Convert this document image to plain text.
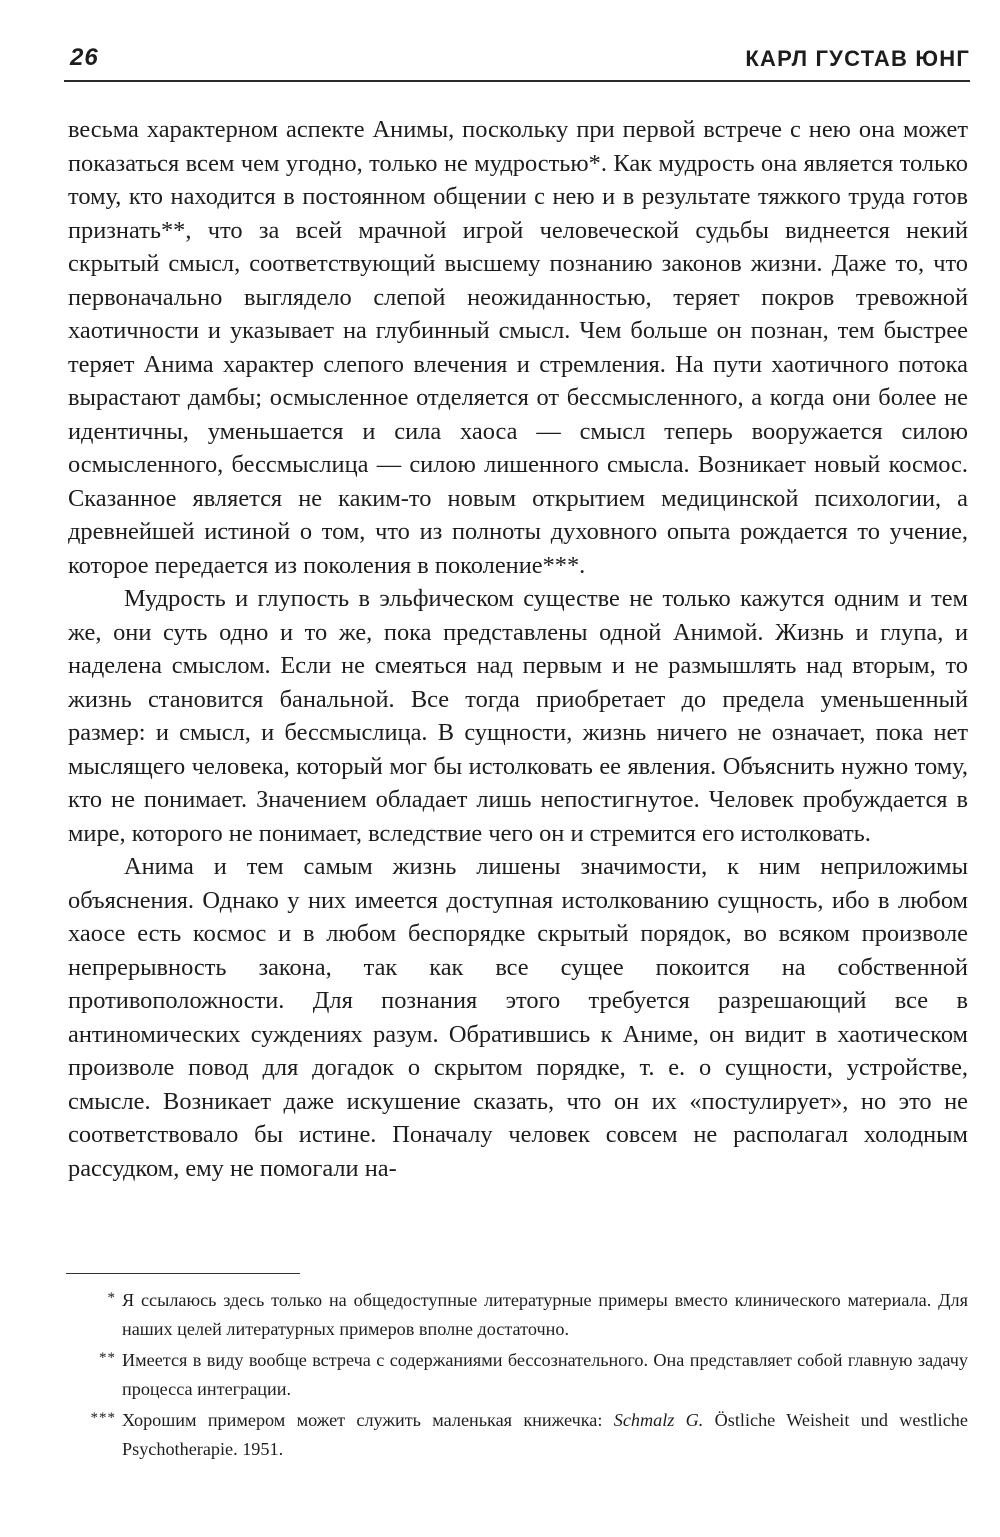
26	КАРЛ ГУСТАВ ЮНГ

весьма характерном аспекте Анимы, поскольку при первой встрече с нею она может показаться всем чем угодно, только не мудростью*. Как мудрость она является только тому, кто находится в постоянном общении с нею и в результате тяжкого труда готов признать**, что за всей мрачной игрой человеческой судьбы виднеется некий скрытый смысл, соответствующий высшему познанию законов жизни. Даже то, что первоначально выглядело слепой неожиданностью, теряет покров тревожной хаотичности и указывает на глубинный смысл. Чем больше он познан, тем быстрее теряет Анима характер слепого влечения и стремления. На пути хаотичного потока вырастают дамбы; осмысленное отделяется от бессмысленного, а когда они более не идентичны, уменьшается и сила хаоса — смысл теперь вооружается силою осмысленного, бессмыслица — силою лишенного смысла. Возникает новый космос. Сказанное является не каким-то новым открытием медицинской психологии, а древнейшей истиной о том, что из полноты духовного опыта рождается то учение, которое передается из поколения в поколение***.

Мудрость и глупость в эльфическом существе не только кажутся одним и тем же, они суть одно и то же, пока представлены одной Анимой. Жизнь и глупа, и наделена смыслом. Если не смеяться над первым и не размышлять над вторым, то жизнь становится банальной. Все тогда приобретает до предела уменьшенный размер: и смысл, и бессмыслица. В сущности, жизнь ничего не означает, пока нет мыслящего человека, который мог бы истолковать ее явления. Объяснить нужно тому, кто не понимает. Значением обладает лишь непостигнутое. Человек пробуждается в мире, которого не понимает, вследствие чего он и стремится его истолковать.

Анима и тем самым жизнь лишены значимости, к ним неприложимы объяснения. Однако у них имеется доступная истолкованию сущность, ибо в любом хаосе есть космос и в любом беспорядке скрытый порядок, во всяком произволе непрерывность закона, так как все сущее покоится на собственной противоположности. Для познания этого требуется разрешающий все в антиномических суждениях разум. Обратившись к Аниме, он видит в хаотическом произволе повод для догадок о скрытом порядке, т. е. о сущности, устройстве, смысле. Возникает даже искушение сказать, что он их «постулирует», но это не соответствовало бы истине. Поначалу человек совсем не располагал холодным рассудком, ему не помогали на-

* Я ссылаюсь здесь только на общедоступные литературные примеры вместо клинического материала. Для наших целей литературных примеров вполне достаточно.
** Имеется в виду вообще встреча с содержаниями бессознательного. Она представляет собой главную задачу процесса интеграции.
*** Хорошим примером может служить маленькая книжечка: Schmalz G. Östliche Weisheit und westliche Psychotherapie. 1951.
